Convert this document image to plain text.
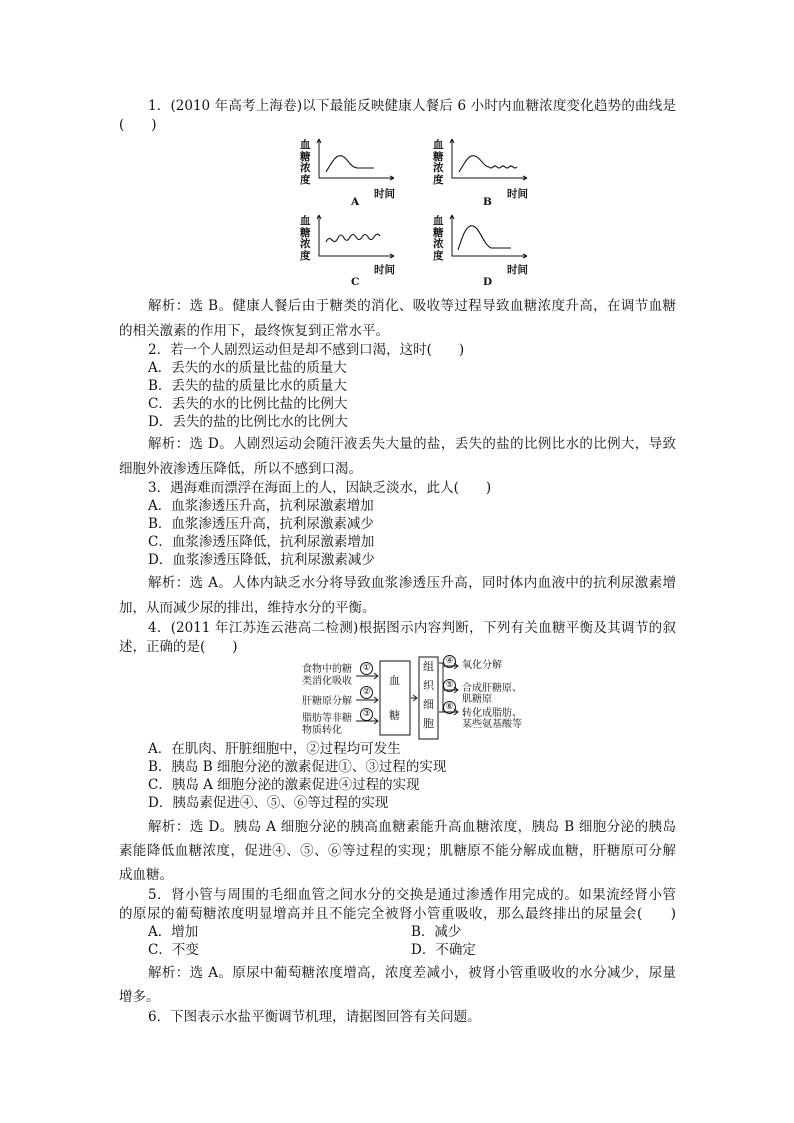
1．(2010 年高考上海卷)以下最能反映健康人餐后 6 小时内血糖浓度变化趋势的曲线是
(　　)
血糖浓度
时间
A
血糖浓度
时间
B
血糖浓度
时间
C
血糖浓度
时间
D
解析：选 B。健康人餐后由于糖类的消化、吸收等过程导致血糖浓度升高，在调节血糖
的相关激素的作用下，最终恢复到正常水平。
2．若一个人剧烈运动但是却不感到口渴，这时(　　)
A．丢失的水的质量比盐的质量大
B．丢失的盐的质量比水的质量大
C．丢失的水的比例比盐的比例大
D．丢失的盐的比例比水的比例大
解析：选 D。人剧烈运动会随汗液丢失大量的盐，丢失的盐的比例比水的比例大，导致
细胞外液渗透压降低，所以不感到口渴。
3．遇海难而漂浮在海面上的人，因缺乏淡水，此人(　　)
A．血浆渗透压升高，抗利尿激素增加
B．血浆渗透压升高，抗利尿激素减少
C．血浆渗透压降低，抗利尿激素增加
D．血浆渗透压降低，抗利尿激素减少
解析：选 A。人体内缺乏水分将导致血浆渗透压升高，同时体内血液中的抗利尿激素增
加，从而减少尿的排出，维持水分的平衡。
4．(2011 年江苏连云港高二检测)根据图示内容判断，下列有关血糖平衡及其调节的叙
述，正确的是(　　)
食物中的糖
类消化吸收
①
肝糖原分解
②
脂肪等非糖
物质转化
③
血
糖
组
织
细
胞
④ 氧化分解
⑤ 合成肝糖原、
肌糖原
⑥
转化成脂肪、
某些氨基酸等
A．在肌肉、肝脏细胞中，②过程均可发生
B．胰岛 B 细胞分泌的激素促进①、③过程的实现
C．胰岛 A 细胞分泌的激素促进④过程的实现
D．胰岛素促进④、⑤、⑥等过程的实现
解析：选 D。胰岛 A 细胞分泌的胰高血糖素能升高血糖浓度，胰岛 B 细胞分泌的胰岛
素能降低血糖浓度，促进④、⑤、⑥等过程的实现；肌糖原不能分解成血糖，肝糖原可分解
成血糖。
5．肾小管与周围的毛细血管之间水分的交换是通过渗透作用完成的。如果流经肾小管
的原尿的葡萄糖浓度明显增高并且不能完全被肾小管重吸收，那么最终排出的尿量会(　　)
A．增加	B．减少
C．不变	D．不确定
解析：选 A。原尿中葡萄糖浓度增高，浓度差减小，被肾小管重吸收的水分减少，尿量
增多。
6．下图表示水盐平衡调节机理，请据图回答有关问题。
